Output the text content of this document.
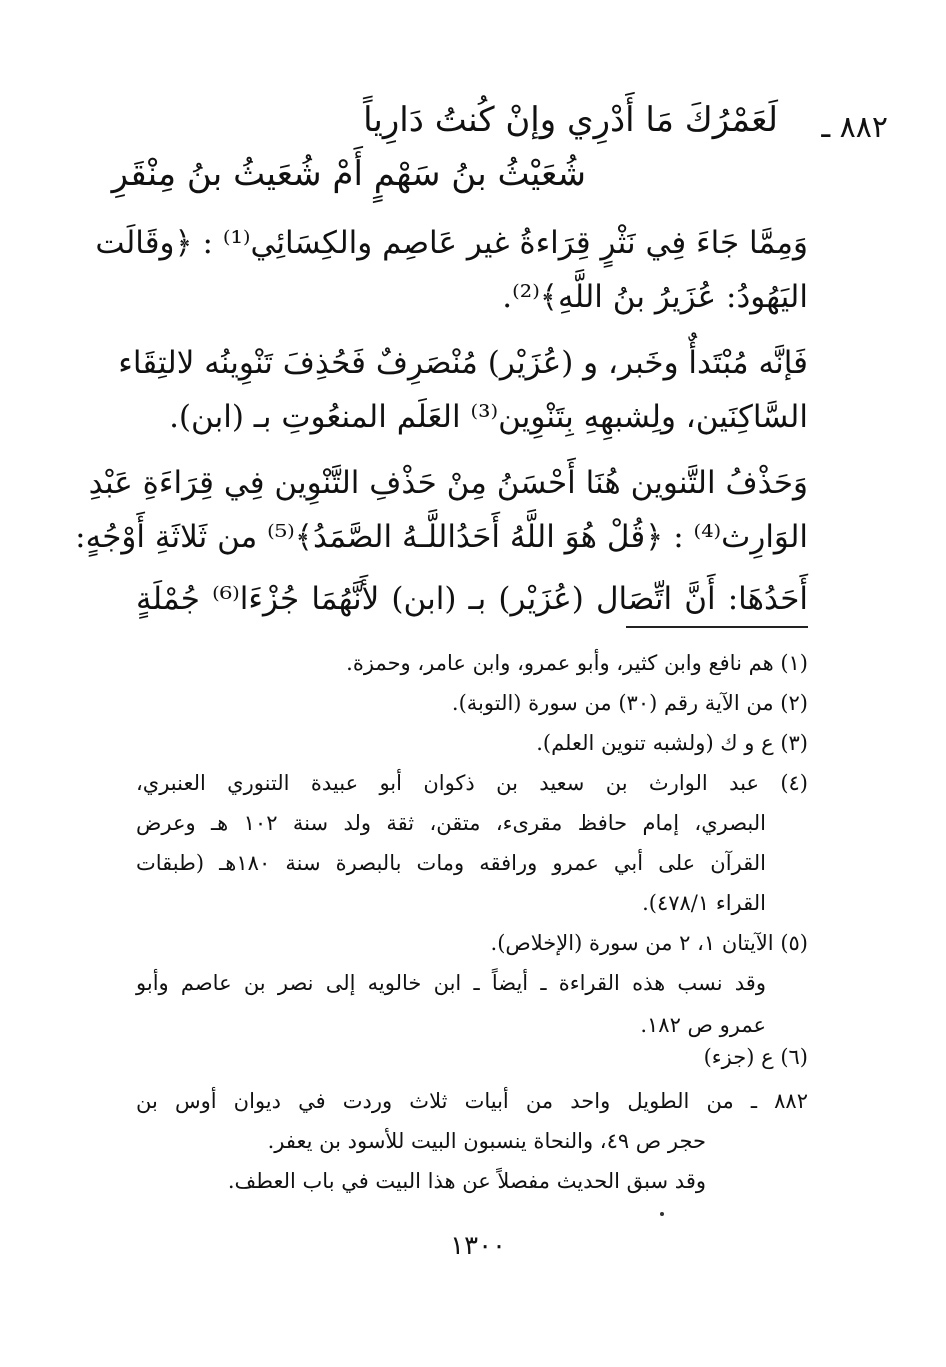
٨٨٢ ـ
لَعَمْرُكَ مَا أَدْرِي وإنْ كُنتُ دَارِياً
شُعَيْثُ بنُ سَهْمٍ أَمْ شُعَيثُ بنُ مِنْقَرِ
وَمِمَّا جَاءَ فِي نَثْرٍ قِرَاءةُ غير عَاصِم والكِسَائِي⁽¹⁾ : ﴿وقَالَت
اليَهُودُ: عُزَيرُ بنُ اللَّهِ﴾⁽²⁾.
فَإنَّه مُبْتَدأٌ وخَبر، و (عُزَيْر) مُنْصَرِفٌ فَحُذِفَ تَنْوِينُه لالتِقَاء
السَّاكِنَين، ولِشبهِهِ بِتَنْوِين⁽³⁾ العَلَم المنعُوتِ بـ (ابن).
وَحَذْفُ التَّنوين هُنَا أَحْسَنُ مِنْ حَذْفِ التَّنْوِين فِي قِرَاءَةِ عَبْدِ
الوَارِث⁽⁴⁾ : ﴿قُلْ هُوَ اللَّهُ أَحَدُاللَّـهُ الصَّمَدُ﴾⁽⁵⁾ من ثَلاثَةِ أَوْجُهٍ:
أَحَدُهَا: أَنَّ اتِّصَال (عُزَيْر) بـ (ابن) لأَنَّهُمَا جُزْءَا⁽⁶⁾ جُمْلَةٍ
(١) هم نافع وابن كثير، وأبو عمرو، وابن عامر، وحمزة.
(٢) من الآية رقم (٣٠) من سورة (التوبة).
(٣) ع و ك (ولشبه تنوين العلم).
(٤) عبد الوارث بن سعيد بن ذكوان أبو عبيدة التنوري العنبري،
البصري، إمام حافظ مقرىء، متقن، ثقة ولد سنة ١٠٢ هـ وعرض
القرآن على أبي عمرو ورافقه ومات بالبصرة سنة ١٨٠هـ (طبقات
القراء ٤٧٨/١).
(٥) الآيتان ١، ٢ من سورة (الإخلاص).
وقد نسب هذه القراءة ـ أيضاً ـ ابن خالويه إلى نصر بن عاصم وأبو
عمرو ص ١٨٢.
(٦) ع (جزء)
٨٨٢ ـ من الطويل واحد من أبيات ثلاث وردت في ديوان أوس بن
حجر ص ٤٩، والنحاة ينسبون البيت للأسود بن يعفر.
وقد سبق الحديث مفصلاً عن هذا البيت في باب العطف.
١٣٠٠
